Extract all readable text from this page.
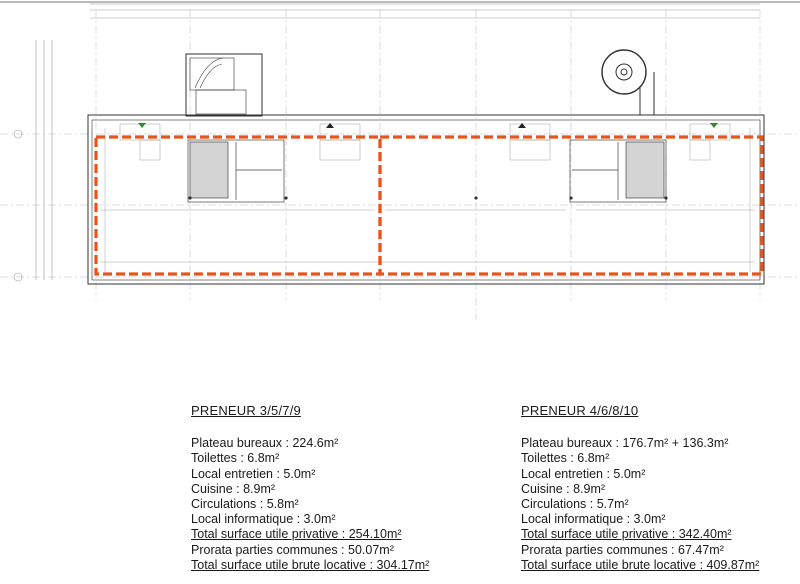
PRENEUR 3/5/7/9
Plateau bureaux : 224.6m²
Toilettes : 6.8m²
Local entretien : 5.0m²
Cuisine : 8.9m²
Circulations : 5.8m²
Local informatique : 3.0m²
Total surface utile privative : 254.10m²
Prorata parties communes : 50.07m²
Total surface utile brute locative : 304.17m²
PRENEUR 4/6/8/10
Plateau bureaux : 176.7m² + 136.3m²
Toilettes : 6.8m²
Local entretien : 5.0m²
Cuisine : 8.9m²
Circulations : 5.7m²
Local informatique : 3.0m²
Total surface utile privative : 342.40m²
Prorata parties communes : 67.47m²
Total surface utile brute locative : 409.87m²
